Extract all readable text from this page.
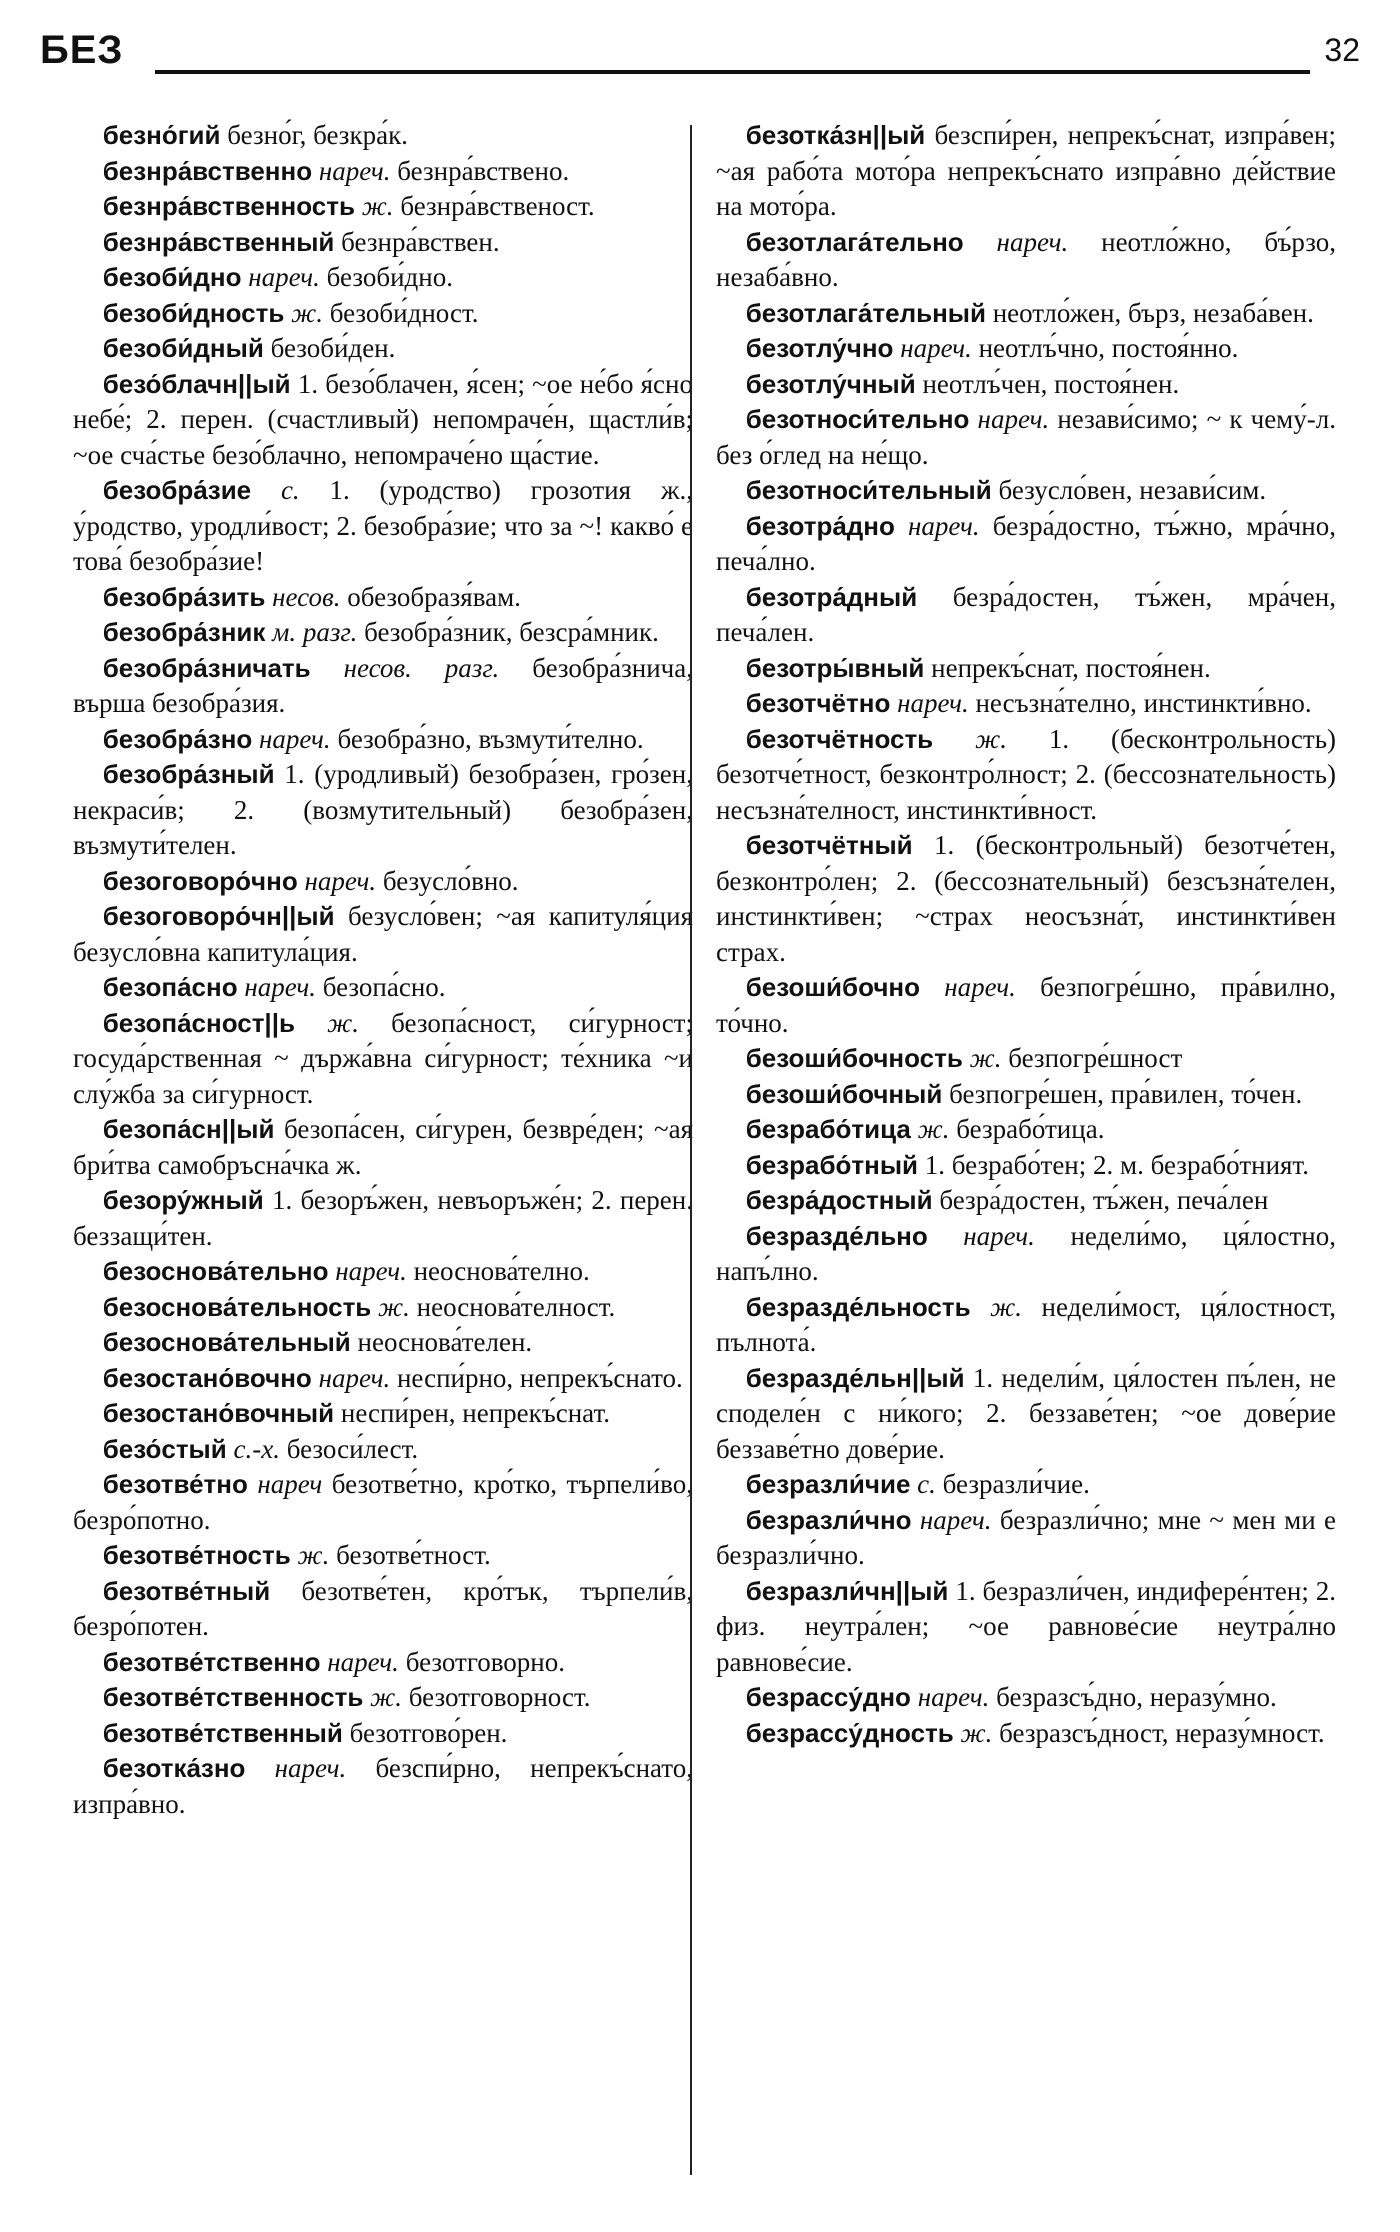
БЕЗ	32

безно́гий безно́г, безкра́к.

безнра́вственно нареч. безнра́вствено.

безнра́вственность ж. безнра́вственост.

безнра́вственный безнра́вствен.

безоби́дно нареч. безоби́дно.

безоби́дность ж. безоби́дност.

безоби́дный безоби́ден.

безо́блачн||ый 1. безо́блачен, я́сен; ~ое не́бо я́сно небе́; 2. перен. (счастливый) непомраче́н, щастли́в; ~ое сча́стье безо́блачно, непомраче́но ща́стие.

безобра́зие с. 1. (уродство) грозотия ж., у́родство, уродли́вост; 2. безобра́зие; что за ~! какво́ е това́ безобра́зие!

безобра́зить несов. обезобразя́вам.

безобра́зник м. разг. безобра́зник, безсра́мник.

безобра́зничать несов. разг. безобра́знича, върша безобра́зия.

безобра́зно нареч. безобра́зно, възмути́телно.

безобра́зный 1. (уродливый) безобра́зен, гро́зен, некраси́в; 2. (возмутительный) безобра́зен, възмути́телен.

безоговоро́чно нареч. безусло́вно.

безоговоро́чн||ый безусло́вен; ~ая капитуля́ция безусло́вна капитула́ция.

безопа́сно нареч. безопа́сно.

безопа́сност||ь ж. безопа́сност, си́гурност; госуда́рственная ~ държа́вна си́гурност; те́хника ~и слу́жба за си́гурност.

безопа́сн||ый безопа́сен, си́гурен, безвре́ден; ~ая бри́тва самобръсна́чка ж.

безору́жный 1. безоръ́жен, невъоръже́н; 2. перен. беззащи́тен.

безоснова́тельно нареч. неоснова́телно.

безоснова́тельность ж. неоснова́телност.

безоснова́тельный неоснова́телен.

безостано́вочно нареч. неспи́рно, непрекъ́снато.

безостано́вочный неспи́рен, непрекъ́снат.

безо́стый с.-х. безоси́лест.

безотве́тно нареч безотве́тно, кро́тко, търпели́во, безро́потно.

безотве́тность ж. безотве́тност.

безотве́тный безотве́тен, кро́тък, търпели́в, безро́потен.

безотве́тственно нареч. безотговорно.

безотве́тственность ж. безотговорност.

безотве́тственный безотгово́рен.

безотка́зно нареч. безспи́рно, непрекъ́снато, изпра́вно.

безотка́зн||ый безспи́рен, непрекъ́снат, изпра́вен; ~ая рабо́та мото́ра непрекъ́снато изпра́вно де́йствие на мото́ра.

безотлага́тельно нареч. неотло́жно, бъ́рзо, незаба́вно.

безотлага́тельный неотло́жен, бърз, незаба́вен.

безотлу́чно нареч. неотлъ́чно, постоя́нно.

безотлу́чный неотлъ́чен, постоя́нен.

безотноси́тельно нареч. незави́симо; ~ к чему́-л. без о́глед на не́що.

безотноси́тельный безусло́вен, незави́сим.

безотра́дно нареч. безра́достно, тъ́жно, мра́чно, печа́лно.

безотра́дный безра́достен, тъ́жен, мра́чен, печа́лен.

безотры́вный непрекъ́снат, постоя́нен.

безотчётно нареч. несъзна́телно, инстинкти́вно.

безотчётность ж. 1. (бесконтрольность) безотче́тност, безконтро́лност; 2. (бессознательность) несъзна́телност, инстинкти́вност.

безотчётный 1. (бесконтрольный) безотче́тен, безконтро́лен; 2. (бессознательный) безсъзна́телен, инстинкти́вен; ~страх неосъзна́т, инстинкти́вен страх.

безоши́бочно нареч. безпогре́шно, пра́вилно, то́чно.

безоши́бочность ж. безпогре́шност

безоши́бочный безпогре́шен, пра́вилен, то́чен.

безрабо́тица ж. безрабо́тица.

безрабо́тный 1. безрабо́тен; 2. м. безрабо́тният.

безра́достный безра́достен, тъ́жен, печа́лен

безразде́льно нареч. недели́мо, ця́лостно, напъ́лно.

безразде́льность ж. недели́мост, ця́лостност, пълнота́.

безразде́льн||ый 1. недели́м, ця́лостен пъ́лен, не споделе́н с ни́кого; 2. беззаве́тен; ~ое дове́рие беззаве́тно дове́рие.

безразли́чие с. безразли́чие.

безразли́чно нареч. безразли́чно; мне ~ мен ми е безразли́чно.

безразли́чн||ый 1. безразли́чен, индифере́нтен; 2. физ. неутра́лен; ~ое равнове́сие неутра́лно равнове́сие.

безрассу́дно нареч. безразсъ́дно, неразу́мно.

безрассу́дность ж. безразсъ́дност, неразу́мност.
